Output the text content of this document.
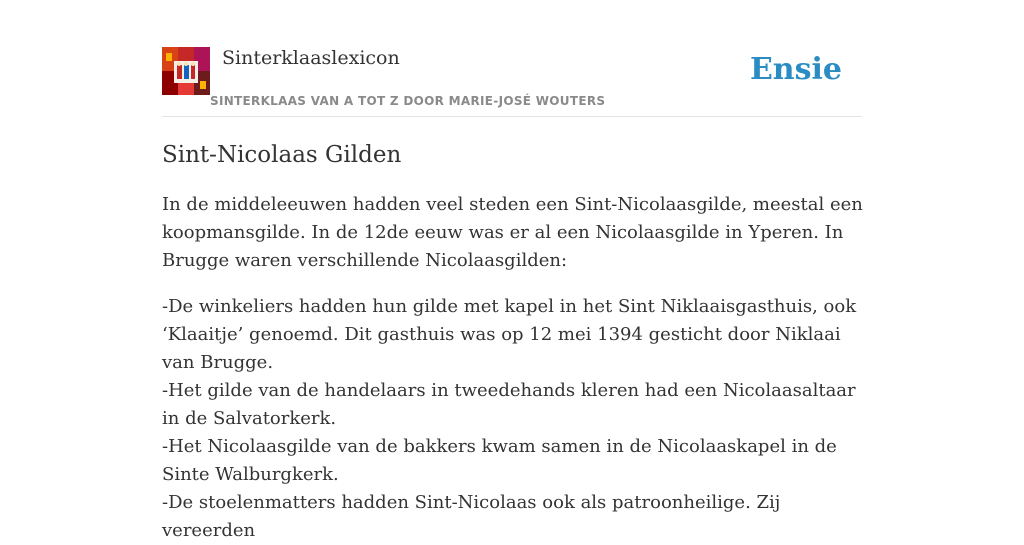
Sinterklaaslexicon
SINTERKLAAS VAN A TOT Z DOOR MARIE-JOSÉ WOUTERS
Ensie
Sint-Nicolaas Gilden

In de middeleeuwen hadden veel steden een Sint-Nicolaasgilde, meestal een koopmansgilde. In de 12de eeuw was er al een Nicolaasgilde in Yperen. In Brugge waren verschillende Nicolaasgilden:

-De winkeliers hadden hun gilde met kapel in het Sint Niklaaisgasthuis, ook ‘Klaaitje’ genoemd. Dit gasthuis was op 12 mei 1394 gesticht door Niklaai van Brugge.
-Het gilde van de handelaars in tweedehands kleren had een Nicolaasaltaar in de Salvatorkerk.
-Het Nicolaasgilde van de bakkers kwam samen in de Nicolaaskapel in de Sinte Walburgkerk.
-De stoelenmatters hadden Sint-Nicolaas ook als patroonheilige. Zij vereerden
